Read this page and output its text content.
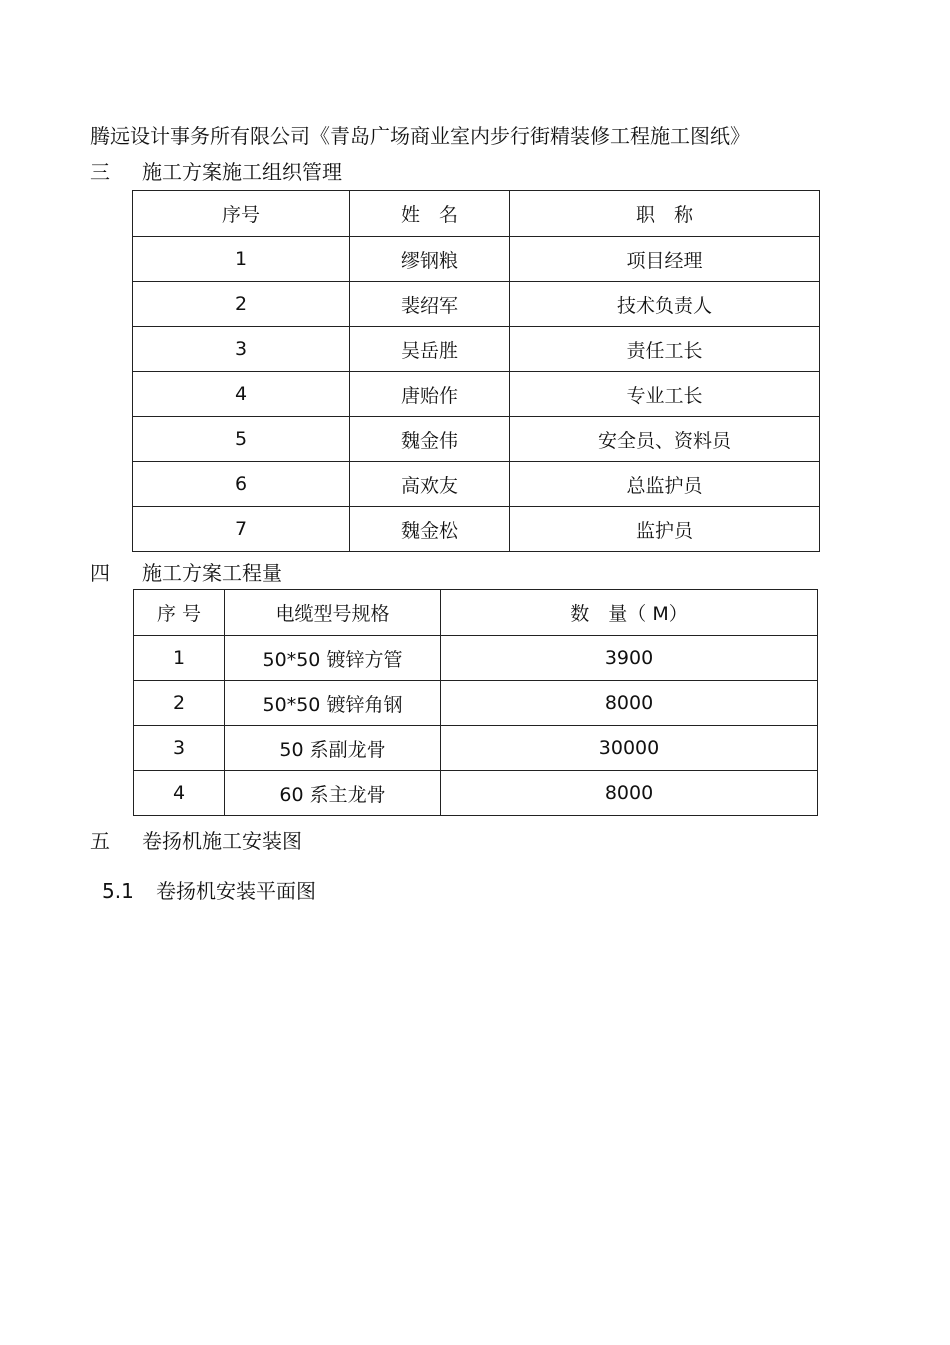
腾远设计事务所有限公司《青岛广场商业室内步行街精装修工程施工图纸》
三 施工方案施工组织管理
序号	姓　名	职　称
1	缪钢粮	项目经理
2	裴绍军	技术负责人
3	吴岳胜	责任工长
4	唐贻作	专业工长
5	魏金伟	安全员、资料员
6	高欢友	总监护员
7	魏金松	监护员
四 施工方案工程量
序 号	电缆型号规格	数　量（ M）
1	50*50 镀锌方管	3900
2	50*50 镀锌角钢	8000
3	50 系副龙骨	30000
4	60 系主龙骨	8000
五 卷扬机施工安装图
5.1 卷扬机安装平面图
